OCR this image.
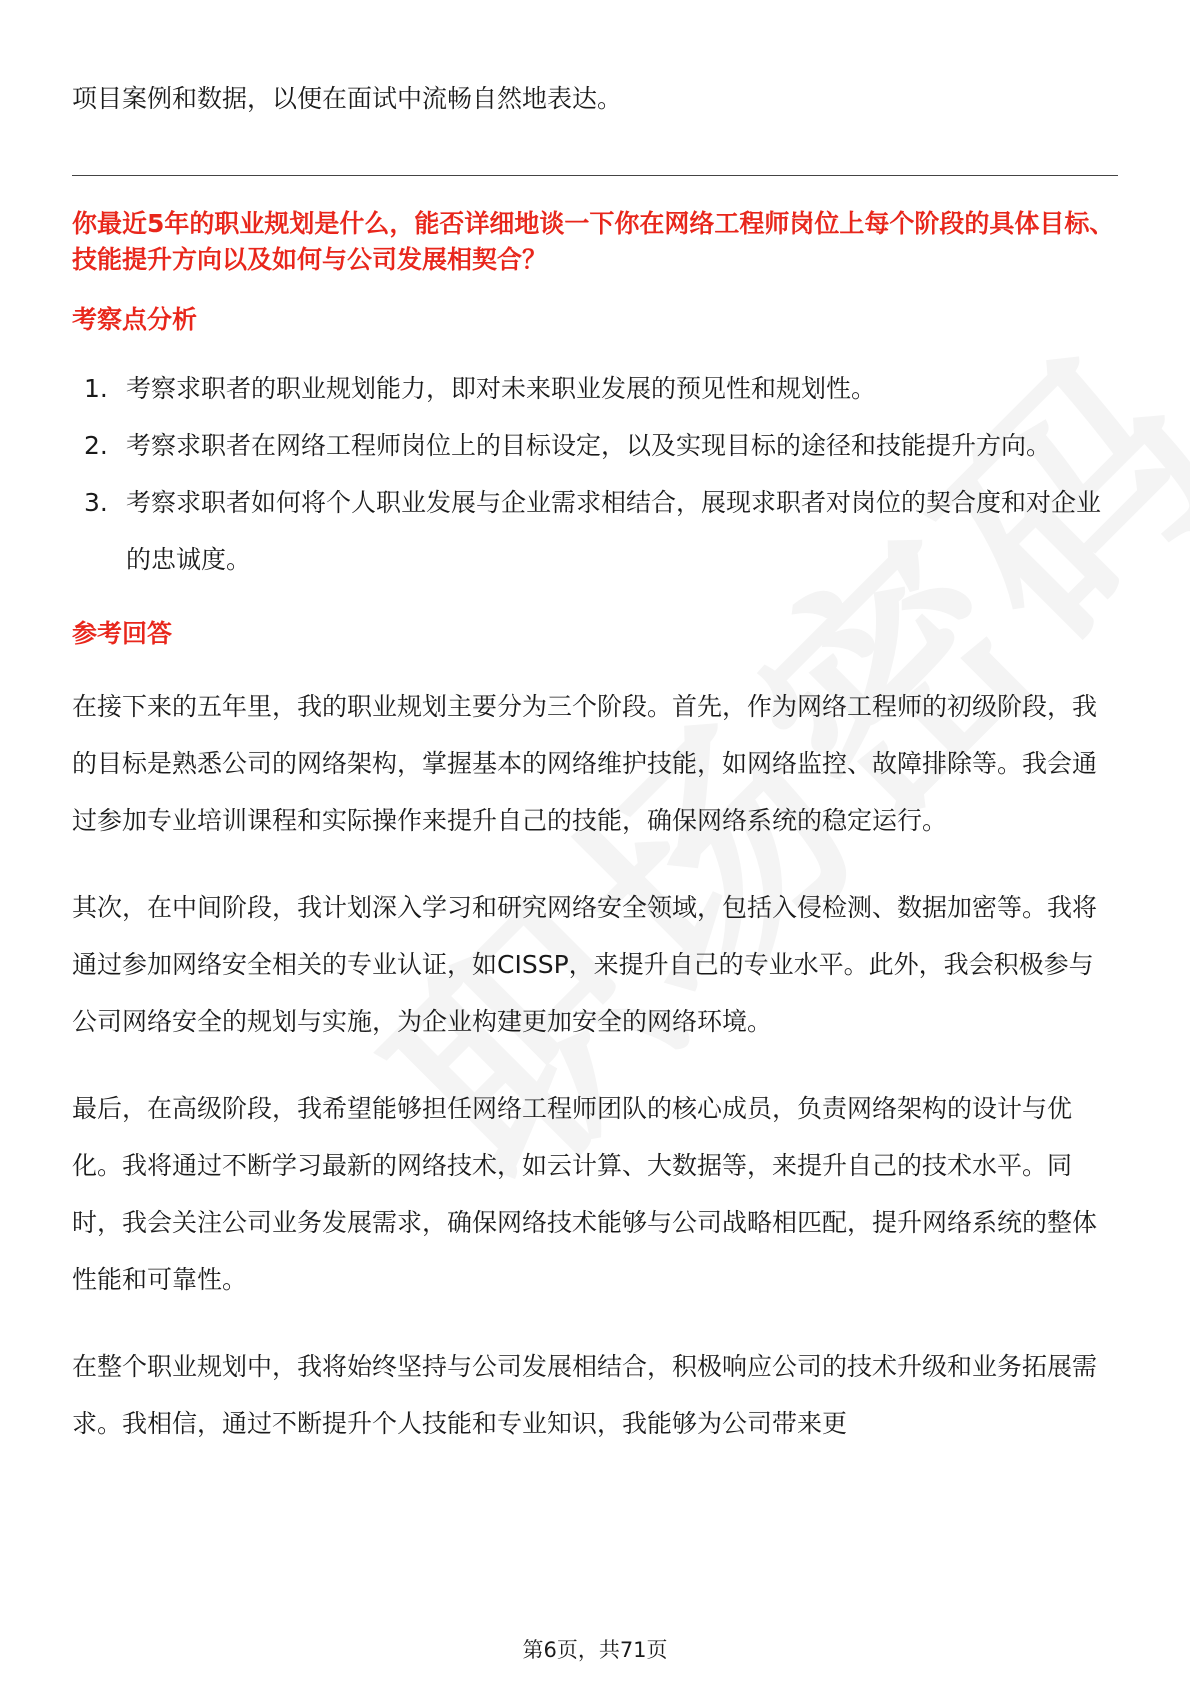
项目案例和数据，以便在面试中流畅自然地表达。

你最近5年的职业规划是什么，能否详细地谈一下你在网络工程师岗位上每个阶段的具体目标、技能提升方向以及如何与公司发展相契合？

考察点分析
1. 考察求职者的职业规划能力，即对未来职业发展的预见性和规划性。
2. 考察求职者在网络工程师岗位上的目标设定，以及实现目标的途径和技能提升方向。
3. 考察求职者如何将个人职业发展与企业需求相结合，展现求职者对岗位的契合度和对企业的忠诚度。
参考回答

在接下来的五年里，我的职业规划主要分为三个阶段。首先，作为网络工程师的初级阶段，我的目标是熟悉公司的网络架构，掌握基本的网络维护技能，如网络监控、故障排除等。我会通过参加专业培训课程和实际操作来提升自己的技能，确保网络系统的稳定运行。

其次，在中间阶段，我计划深入学习和研究网络安全领域，包括入侵检测、数据加密等。我将通过参加网络安全相关的专业认证，如CISSP，来提升自己的专业水平。此外，我会积极参与公司网络安全的规划与实施，为企业构建更加安全的网络环境。

最后，在高级阶段，我希望能够担任网络工程师团队的核心成员，负责网络架构的设计与优化。我将通过不断学习最新的网络技术，如云计算、大数据等，来提升自己的技术水平。同时，我会关注公司业务发展需求，确保网络技术能够与公司战略相匹配，提升网络系统的整体性能和可靠性。

在整个职业规划中，我将始终坚持与公司发展相结合，积极响应公司的技术升级和业务拓展需求。我相信，通过不断提升个人技能和专业知识，我能够为公司带来更

第6页，共71页
